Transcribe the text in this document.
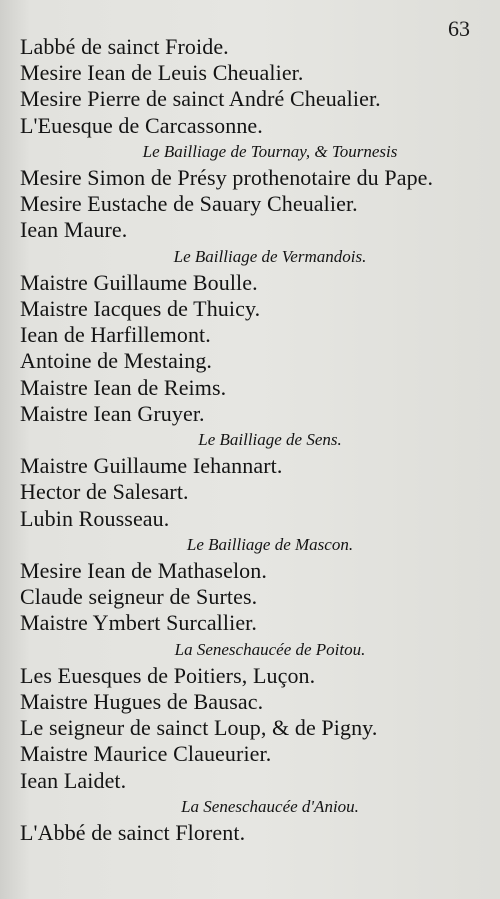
63
Labbé de sainct Froide.
Mesire Iean de Leuis Cheualier.
Mesire Pierre de sainct André Cheualier.
L'Euesque de Carcassonne.
Le Bailliage de Tournay, & Tournesis
Mesire Simon de Présy prothenotaire du Pape.
Mesire Eustache de Sauary Cheualier.
Iean Maure.
Le Bailliage de Vermandois.
Maistre Guillaume Boulle.
Maistre Iacques de Thuicy.
Iean de Harfillemont.
Antoine de Mestaing.
Maistre Iean de Reims.
Maistre Iean Gruyer.
Le Bailliage de Sens.
Maistre Guillaume Iehannart.
Hector de Salesart.
Lubin Rousseau.
Le Bailliage de Mascon.
Mesire Iean de Mathaselon.
Claude seigneur de Surtes.
Maistre Ymbert Surcallier.
La Seneschaucée de Poitou.
Les Euesques de Poitiers, Luçon.
Maistre Hugues de Bausac.
Le seigneur de sainct Loup, & de Pigny.
Maistre Maurice Claueurier.
Iean Laidet.
La Seneschaucée d'Aniou.
L'Abbé de sainct Florent.
